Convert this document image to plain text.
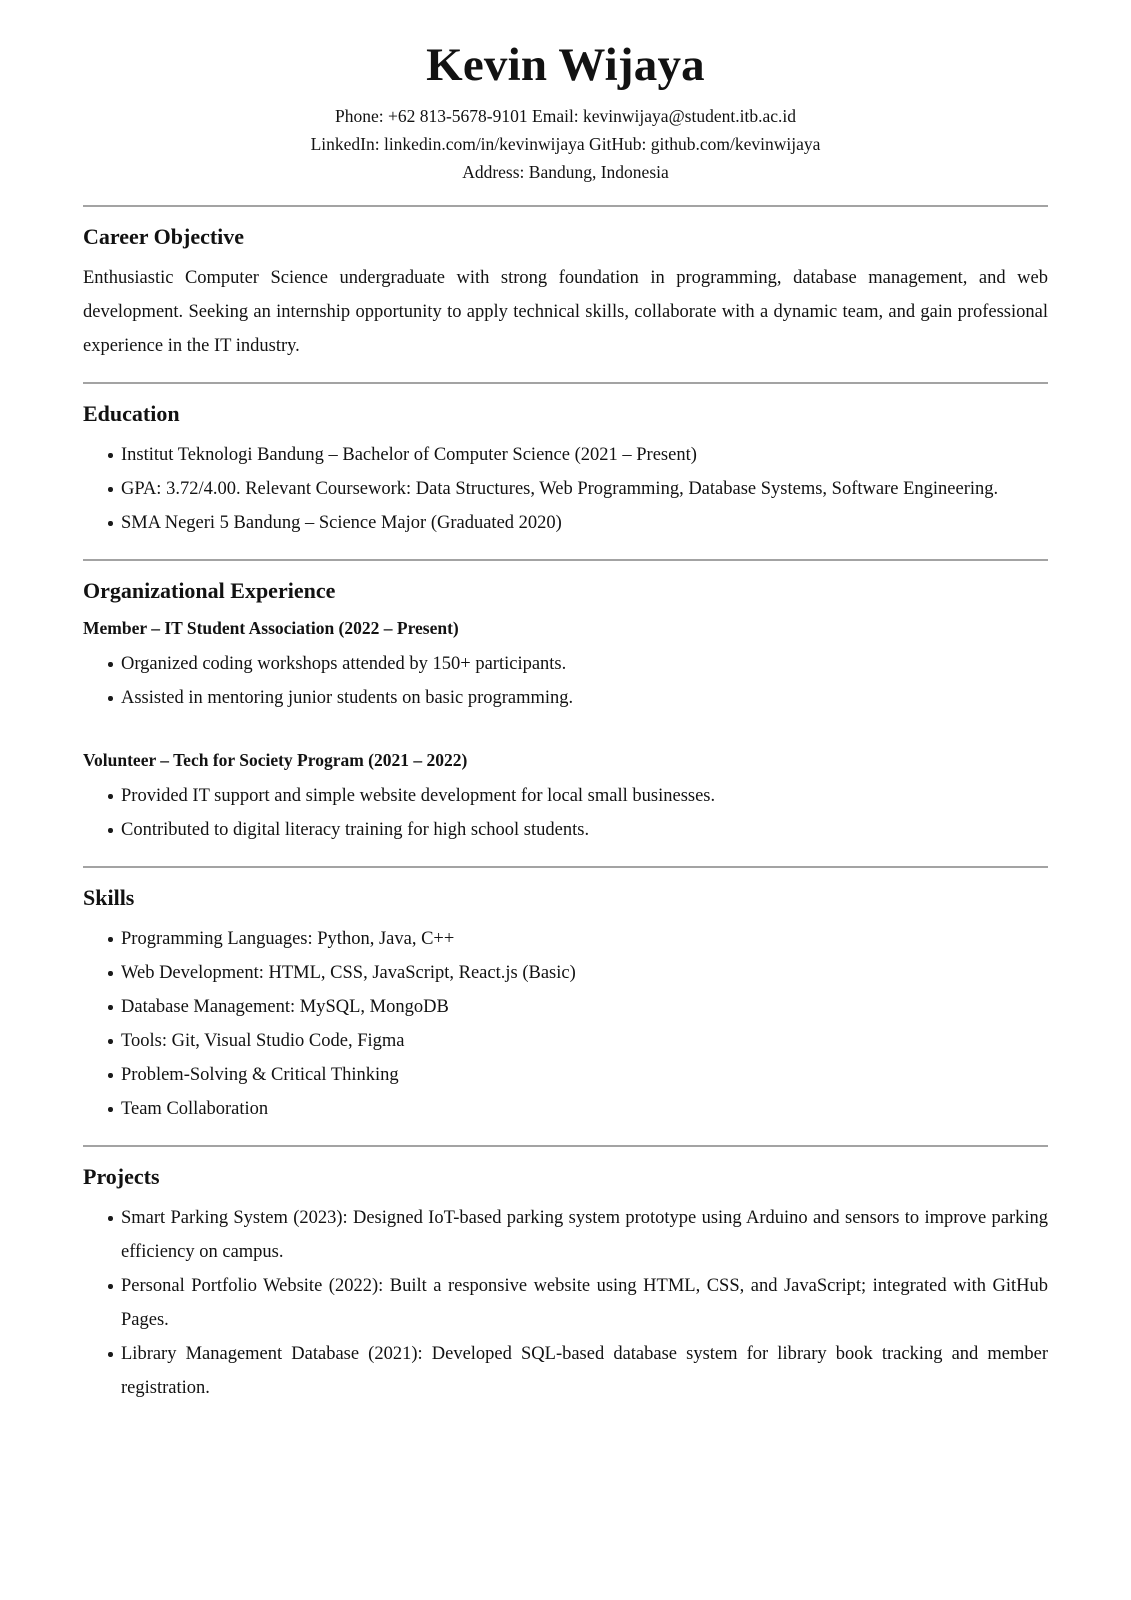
Kevin Wijaya
Phone: +62 813-5678-9101 Email: kevinwijaya@student.itb.ac.id
LinkedIn: linkedin.com/in/kevinwijaya GitHub: github.com/kevinwijaya
Address: Bandung, Indonesia
Career Objective

Enthusiastic Computer Science undergraduate with strong foundation in programming, database management, and web development. Seeking an internship opportunity to apply technical skills, collaborate with a dynamic team, and gain professional experience in the IT industry.

Education
Institut Teknologi Bandung – Bachelor of Computer Science (2021 – Present)
GPA: 3.72/4.00. Relevant Coursework: Data Structures, Web Programming, Database Systems, Software Engineering.
SMA Negeri 5 Bandung – Science Major (Graduated 2020)
Organizational Experience
Member – IT Student Association (2022 – Present)
Organized coding workshops attended by 150+ participants.
Assisted in mentoring junior students on basic programming.
Volunteer – Tech for Society Program (2021 – 2022)
Provided IT support and simple website development for local small businesses.
Contributed to digital literacy training for high school students.
Skills
Programming Languages: Python, Java, C++
Web Development: HTML, CSS, JavaScript, React.js (Basic)
Database Management: MySQL, MongoDB
Tools: Git, Visual Studio Code, Figma
Problem-Solving & Critical Thinking
Team Collaboration
Projects
Smart Parking System (2023): Designed IoT-based parking system prototype using Arduino and sensors to improve parking efficiency on campus.
Personal Portfolio Website (2022): Built a responsive website using HTML, CSS, and JavaScript; integrated with GitHub Pages.
Library Management Database (2021): Developed SQL-based database system for library book tracking and member registration.
